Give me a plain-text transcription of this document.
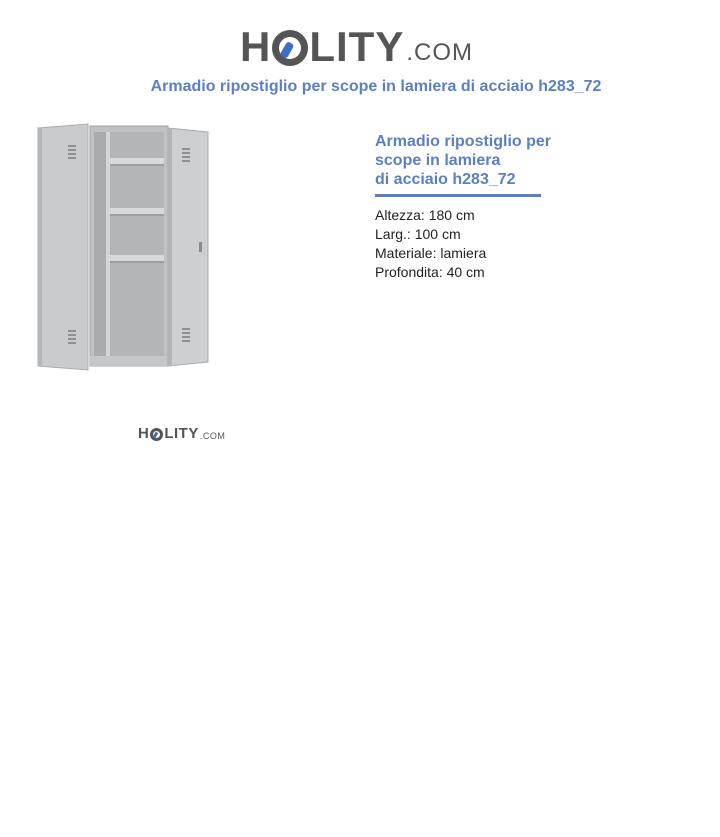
H LITY .COM
Armadio ripostiglio per scope in lamiera di acciaio h283_72
H LITY .COM

Armadio ripostiglio per
scope in lamiera
di acciaio h283_72

Altezza: 180 cm

Larg.: 100 cm

Materiale: lamiera

Profondita: 40 cm
